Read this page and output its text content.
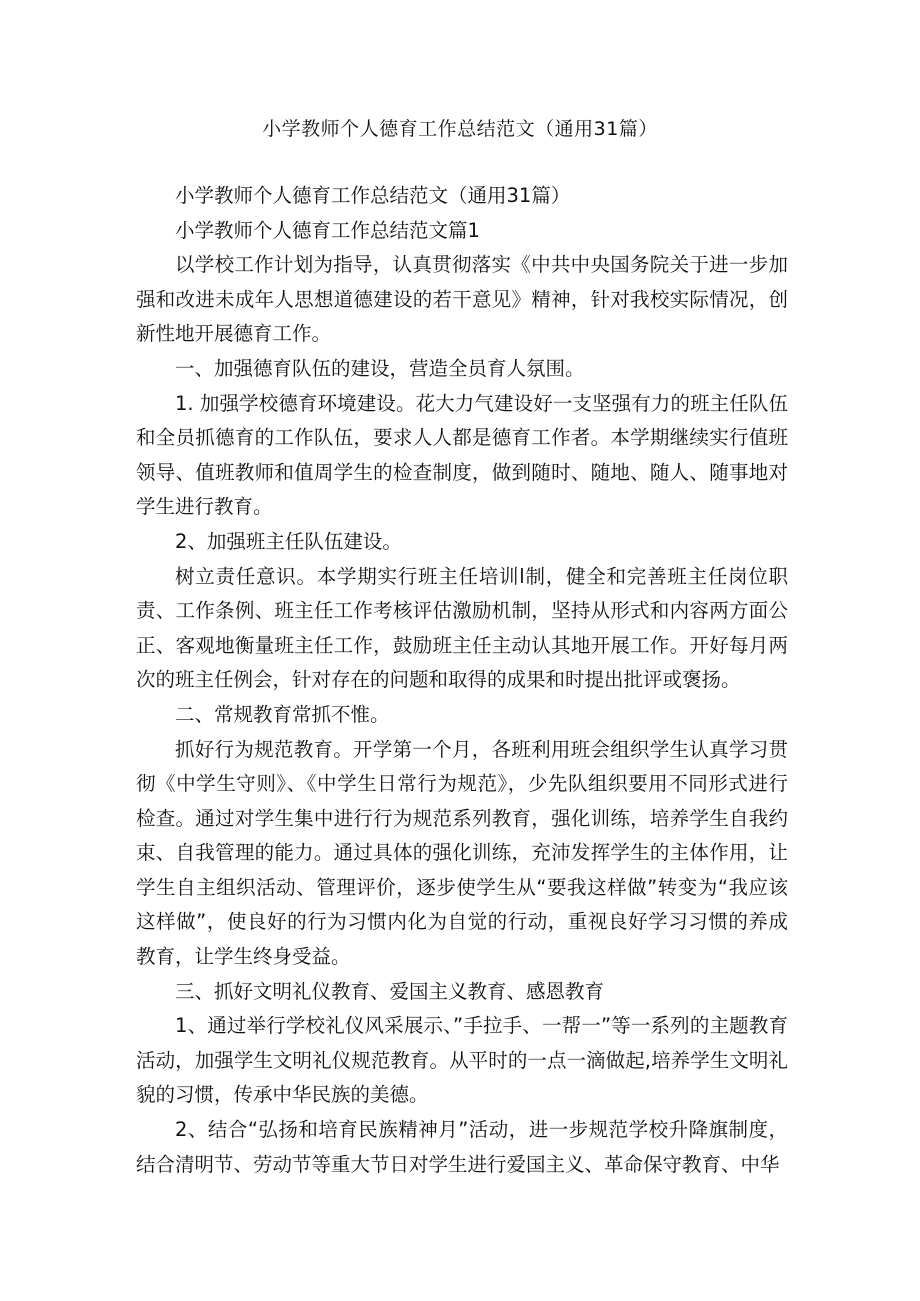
小学教师个人德育工作总结范文（通用31篇）

小学教师个人德育工作总结范文（通用31篇）

小学教师个人德育工作总结范文篇1

以学校工作计划为指导，认真贯彻落实《中共中央国务院关于进一步加强和改进未成年人思想道德建设的若干意见》精神，针对我校实际情况，创新性地开展德育工作。

一、加强德育队伍的建设，营造全员育人氛围。

1. 加强学校德育环境建设。花大力气建设好一支坚强有力的班主任队伍和全员抓德育的工作队伍，要求人人都是德育工作者。本学期继续实行值班领导、值班教师和值周学生的检查制度，做到随时、随地、随人、随事地对学生进行教育。

2、加强班主任队伍建设。

树立责任意识。本学期实行班主任培训l制，健全和完善班主任岗位职责、工作条例、班主任工作考核评估激励机制，坚持从形式和内容两方面公正、客观地衡量班主任工作，鼓励班主任主动认其地开展工作。开好每月两次的班主任例会，针对存在的问题和取得的成果和时提出批评或褒扬。

二、常规教育常抓不惟。

抓好行为规范教育。开学第一个月，各班利用班会组织学生认真学习贯彻《中学生守则》、《中学生日常行为规范》，少先队组织要用不同形式进行检查。通过对学生集中进行行为规范系列教育，强化训练，培养学生自我约束、自我管理的能力。通过具体的强化训练，充沛发挥学生的主体作用，让学生自主组织活动、管理评价，逐步使学生从“要我这样做”转变为“我应该这样做”，使良好的行为习惯内化为自觉的行动，重视良好学习习惯的养成教育，让学生终身受益。

三、抓好文明礼仪教育、爱国主义教育、感恩教育

1、通过举行学校礼仪风采展示、”手拉手、一帮一”等一系列的主题教育活动，加强学生文明礼仪规范教育。从平时的一点一滴做起,培养学生文明礼貌的习惯，传承中华民族的美德。

2、结合“弘扬和培育民族精神月”活动，进一步规范学校升降旗制度，结合清明节、劳动节等重大节日对学生进行爱国主义、革命保守教育、中华
